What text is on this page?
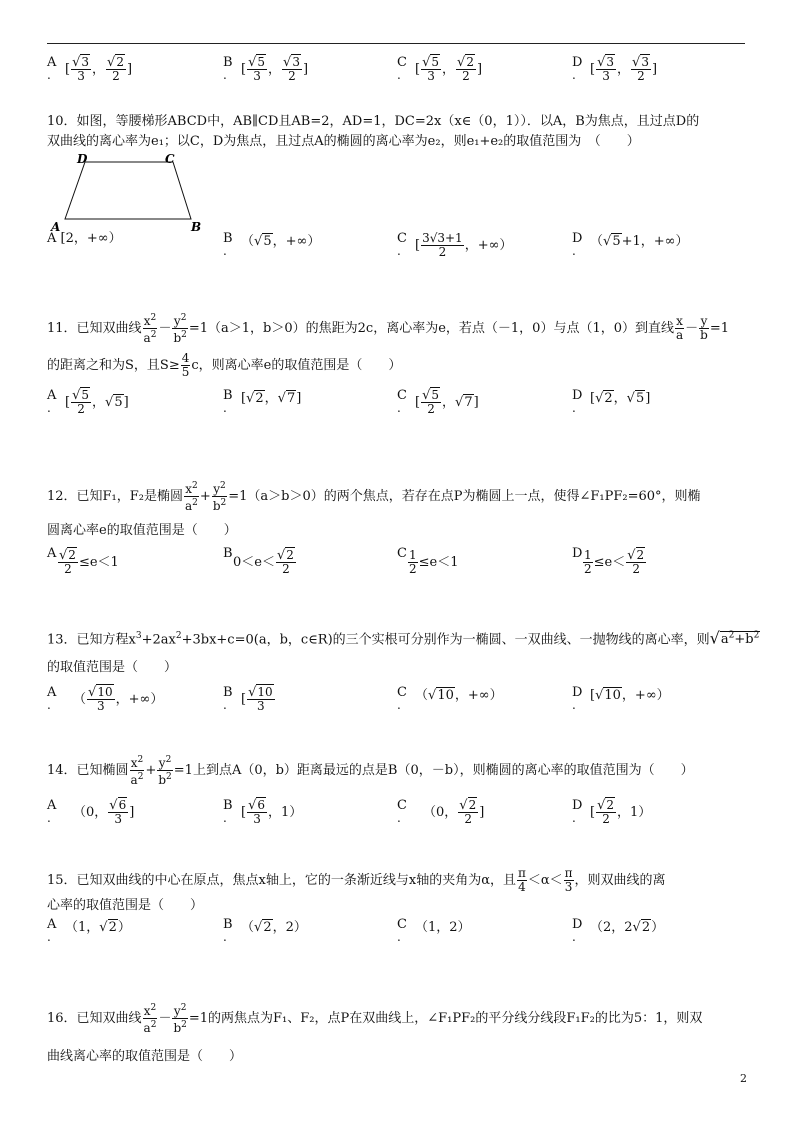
A
.	[ $\frac{√3}{3}$ ， $\frac{√2}{2}$ ]	B
.	[ $\frac{√5}{3}$ ， $\frac{√3}{2}$ ]	C
.	[ $\frac{√5}{3}$ ， $\frac{√2}{2}$ ]	D
.	[ $\frac{√3}{3}$ ， $\frac{√3}{2}$ ]
10．如图，等腰梯形ABCD中，AB∥CD且AB=2，AD=1，DC=2x（x∈（0，1））．以A，B为焦点，且过点D的
双曲线的离心率为e₁；以C，D为焦点，且过点A的椭圆的离心率为e₂，则e₁+e₂的取值范围为　（　　）
D	C
A	B
A [2，+∞）	B
.
（√5，+∞）	C
.	[ $\frac{3√3+1}{2}$ ，+∞）	D
.
（√5+1，+∞）
11．已知双曲线 $\frac{x^2}{a^2} - \frac{y^2}{b^2} =1(a>1$，b＞0）的焦距为2c，离心率为e，若点（－1，0）与点（1，0）到直线 $\frac{x}{a} - \frac{y}{b} =1$
的距离之和为S，且$S\ge \frac{4}{5}$ c，则离心率e的取值范围是（　　）
A
.	[ $\frac{√5}{2}$ ，√5]	B
.
[√2，√7]	C
.	[ $\frac{√5}{2}$ ，√7]	D
.
[√2，√5]
12．已知F₁，F₂是椭圆 $\frac{x^2}{a^2} + \frac{y^2}{b^2} =1(a>b>0)$的两个焦点，若存在点P为椭圆上一点，使得∠F₁PF₂=60°，则椭
圆离心率e的取值范围是（　　）
A $\frac{√2}{2} \le e<1$
B
$0<e< \frac{√2}{2}$	C $\frac{1}{2} \le e<1$
D $\frac{1}{2} \le e< \frac{√2}{2}$
13．已知方程$x^3+2ax^2+3bx+c=0(a$，b，c∈R)的三个实根可分别作为一椭圆、一双曲线、一抛物线的离心率，则$√a^2+b^2$
的取值范围是（　　）
A
.	（ $\frac{√10}{3}$ ，+∞）	B
.	[ $\frac{√10}{3}$	C
.
（√10，+∞）	D
.
[√10，+∞）
14．已知椭圆 $\frac{x^2}{a^2} + \frac{y^2}{b^2} =1$上到点A（0，b）距离最远的点是B（0，－b），则椭圆的离心率的取值范围为（　　）
A
.	（0， $\frac{√6}{3}$ ]	B
.	[ $\frac{√6}{3}$ ，1）	C
.	（0， $\frac{√2}{2}$ ]	D
.	[ $\frac{√2}{2}$ ，1）
15．已知双曲线的中心在原点，焦点x轴上，它的一条渐近线与x轴的夹角为α，且 $\frac{\pi}{4} <\alpha< \frac{\pi}{3}$ ，则双曲线的离
心率的取值范围是（　　）
A
.
（1，√2）	B
.
（√2，2）	C
.
（1，2）	D
.
（2，2√2）
16．已知双曲线 $\frac{x^2}{a^2} - \frac{y^2}{b^2} =1$的两焦点为F₁、F₂，点P在双曲线上，∠F₁PF₂的平分线分线段F₁F₂的比为5：1，则双
曲线离心率的取值范围是（　　）
2
